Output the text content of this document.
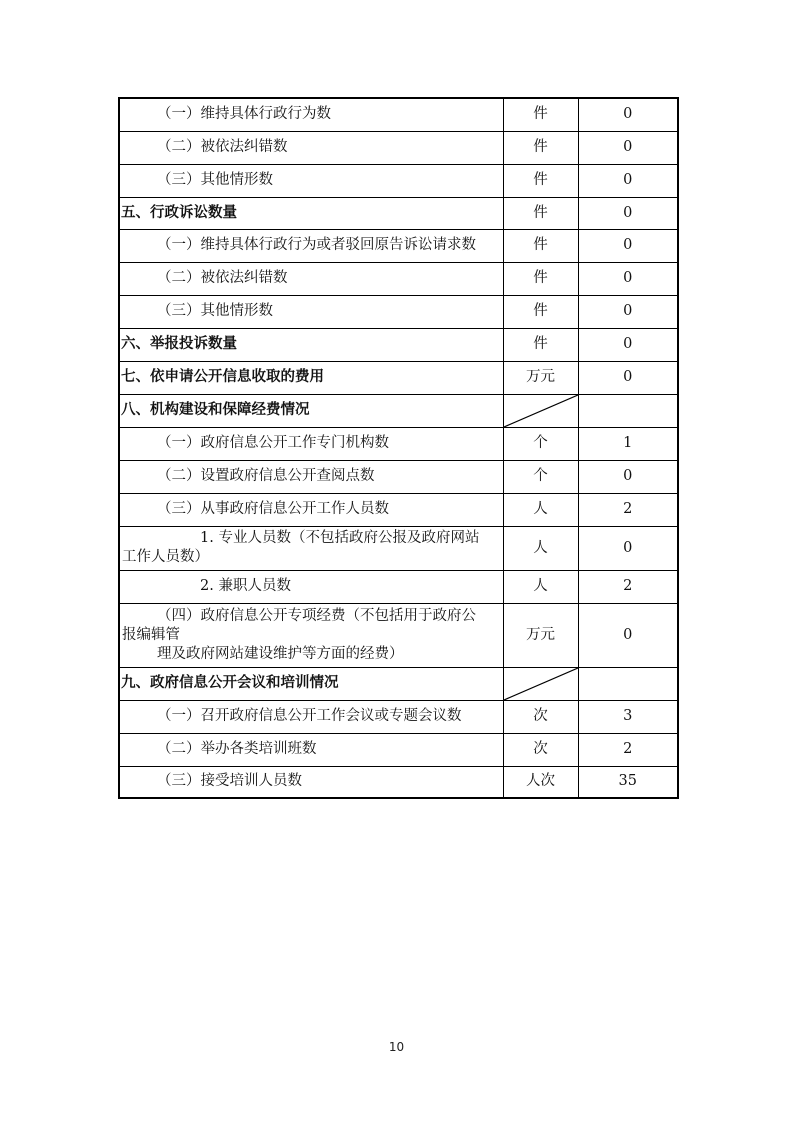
（一）维持具体行政行为数	件	0
（二）被依法纠错数	件	0
（三）其他情形数	件	0
五、行政诉讼数量	件	0
（一）维持具体行政行为或者驳回原告诉讼请求数	件	0
（二）被依法纠错数	件	0
（三）其他情形数	件	0
六、举报投诉数量	件	0
七、依申请公开信息收取的费用	万元	0
八、机构建设和保障经费情况	

（一）政府信息公开工作专门机构数	个	1
（二）设置政府信息公开查阅点数	个	0
（三）从事政府信息公开工作人员数	人	2

1. 专业人员数（不包括政府公报及政府网站
工作人员数）	人	0
2. 兼职人员数	人	2

（四）政府信息公开专项经费（不包括用于政府公
报编辑管
理及政府网站建设维护等方面的经费）	万元	0
九、政府信息公开会议和培训情况	

（一）召开政府信息公开工作会议或专题会议数	次	3
（二）举办各类培训班数	次	2
（三）接受培训人员数	人次	35
10
